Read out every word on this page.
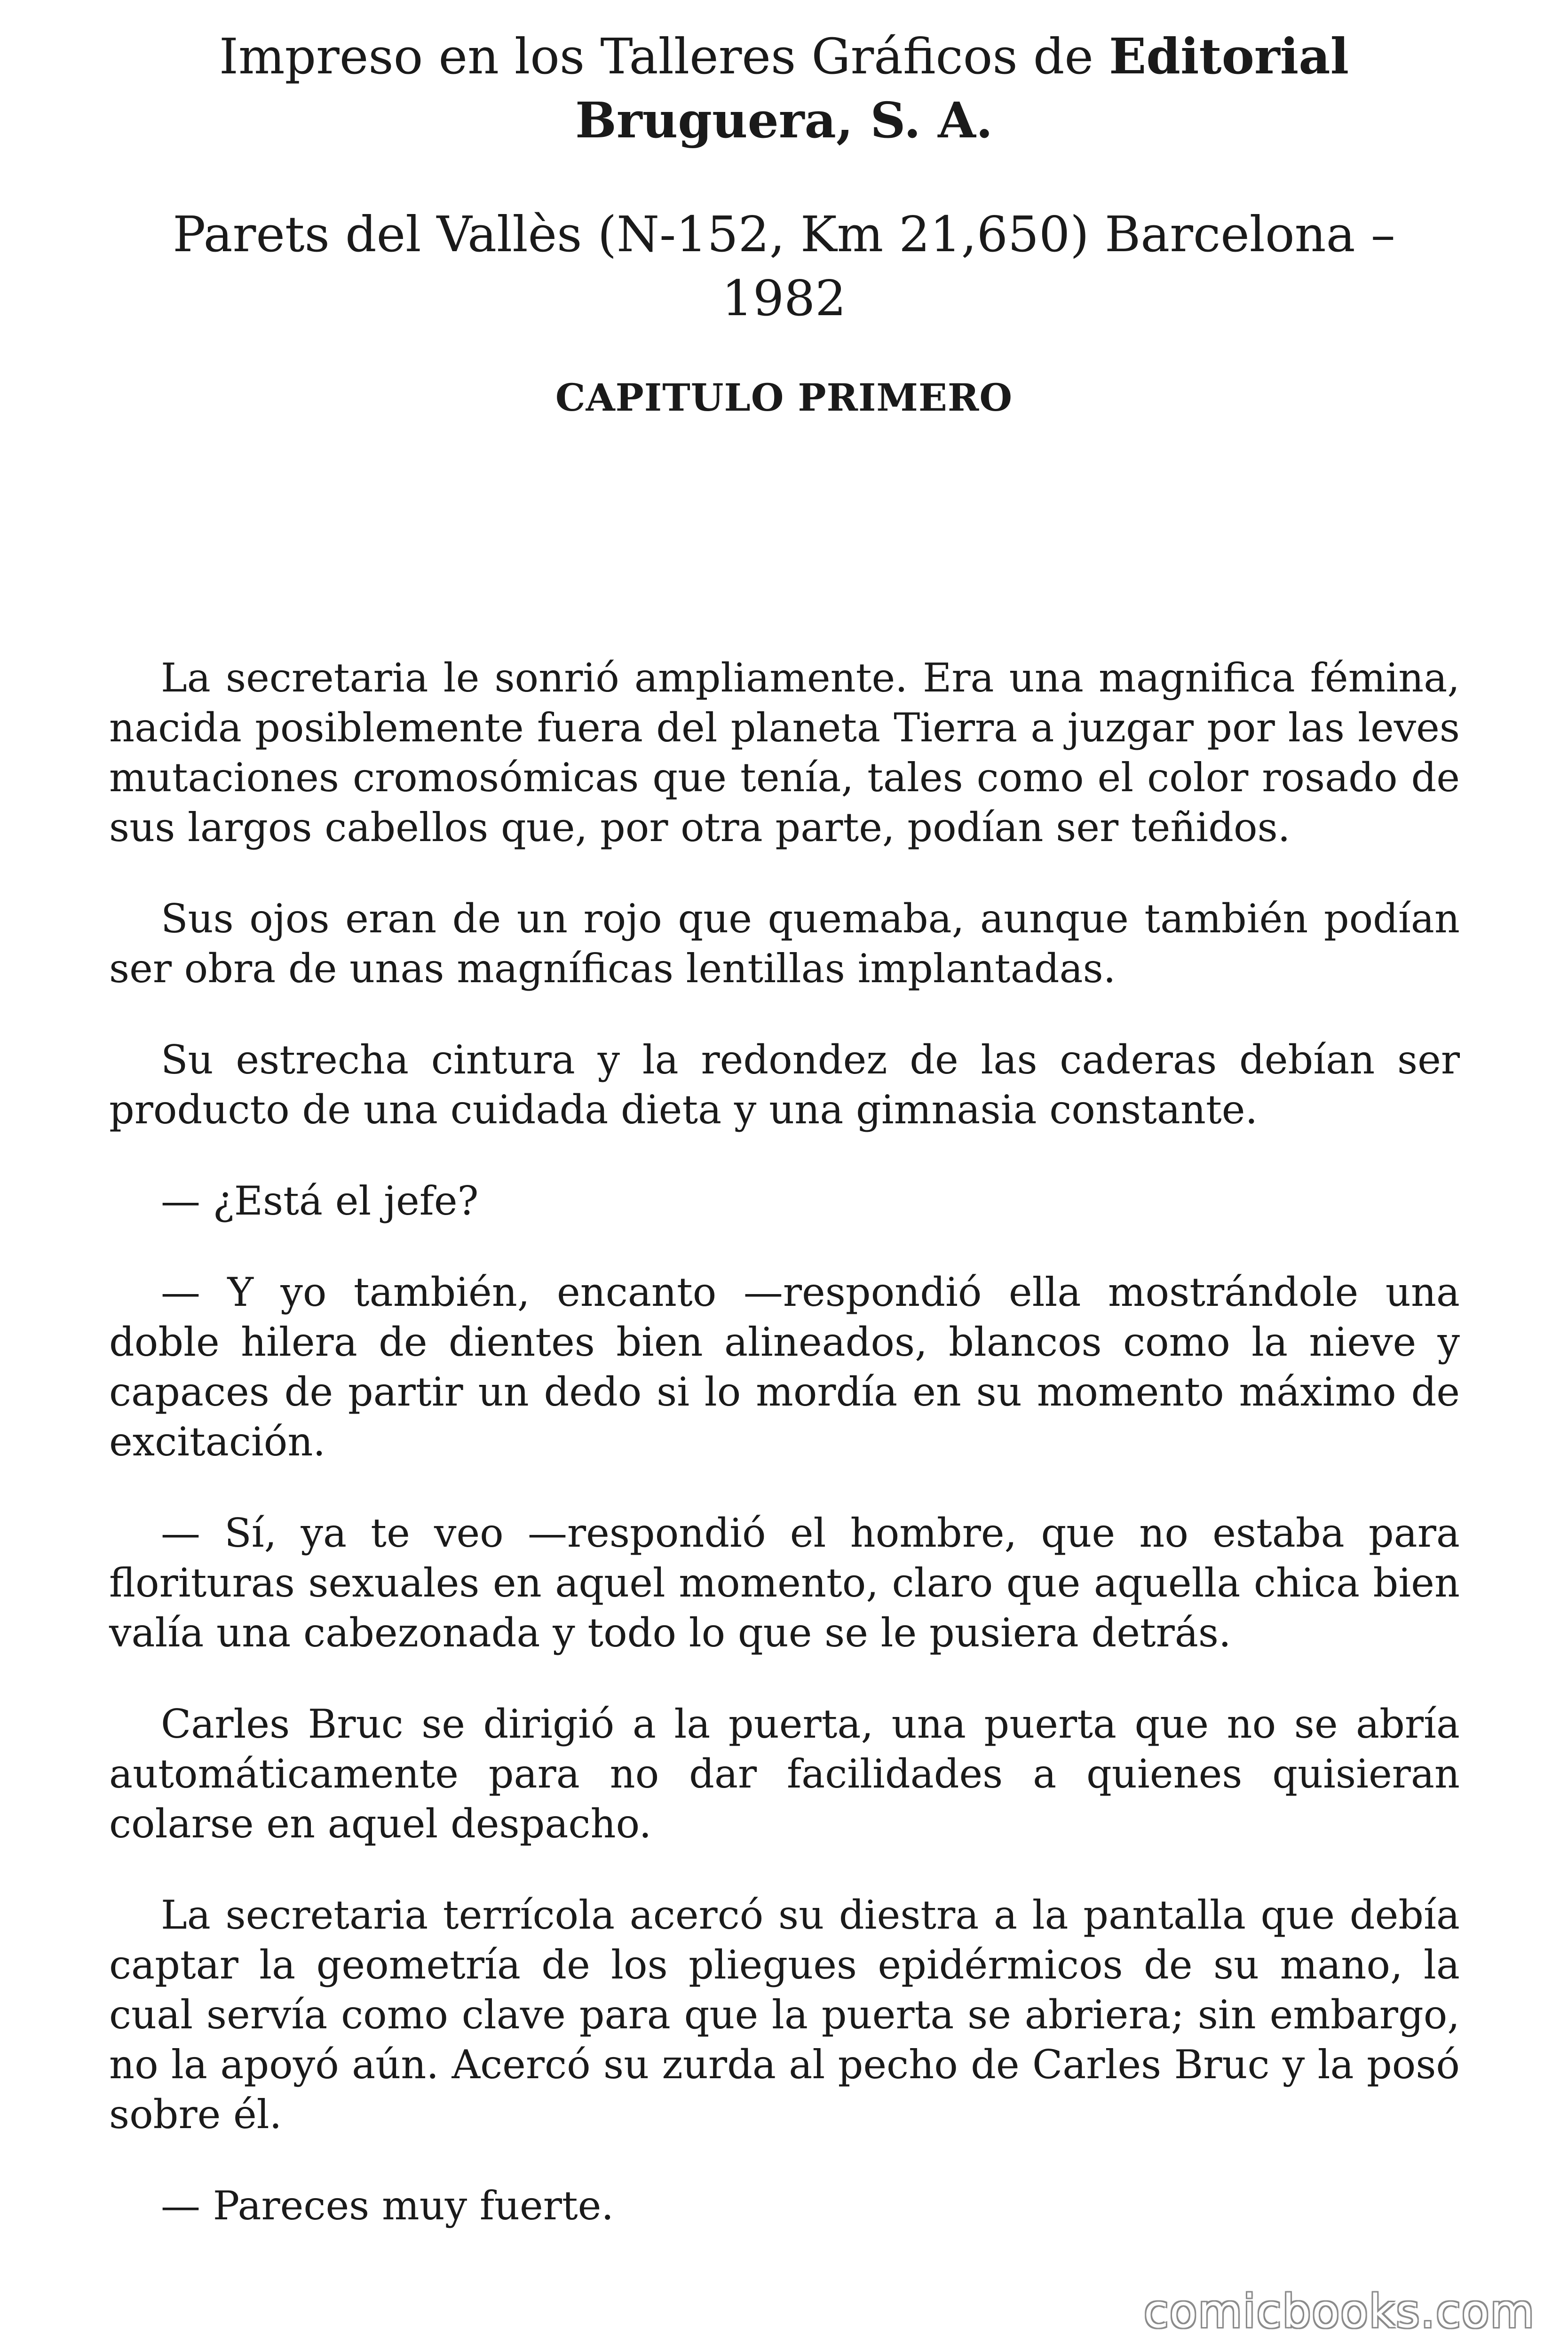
Impreso en los Talleres Gráficos de Editorial Bruguera, S. A.

Parets del Vallès (N-152, Km 21,650) Barcelona – 1982

CAPITULO PRIMERO

La secretaria le sonrió ampliamente. Era una magnifica fémina, nacida posiblemente fuera del planeta Tierra a juzgar por las leves mutaciones cromosómicas que tenía, tales como el color rosado de sus largos cabellos que, por otra parte, podían ser teñidos.

Sus ojos eran de un rojo que quemaba, aunque también podían ser obra de unas magníficas lentillas implantadas.

Su estrecha cintura y la redondez de las caderas debían ser producto de una cuidada dieta y una gimnasia constante.

— ¿Está el jefe?

— Y yo también, encanto —respondió ella mostrándole una doble hilera de dientes bien alineados, blancos como la nieve y capaces de partir un dedo si lo mordía en su momento máximo de excitación.

— Sí, ya te veo —respondió el hombre, que no estaba para florituras sexuales en aquel momento, claro que aquella chica bien valía una cabezonada y todo lo que se le pusiera detrás.

Carles Bruc se dirigió a la puerta, una puerta que no se abría automáticamente para no dar facilidades a quienes quisieran colarse en aquel despacho.

La secretaria terrícola acercó su diestra a la pantalla que debía captar la geometría de los pliegues epidérmicos de su mano, la cual servía como clave para que la puerta se abriera; sin embargo, no la apoyó aún. Acercó su zurda al pecho de Carles Bruc y la posó sobre él.

— Pareces muy fuerte.

comicbooks.com
